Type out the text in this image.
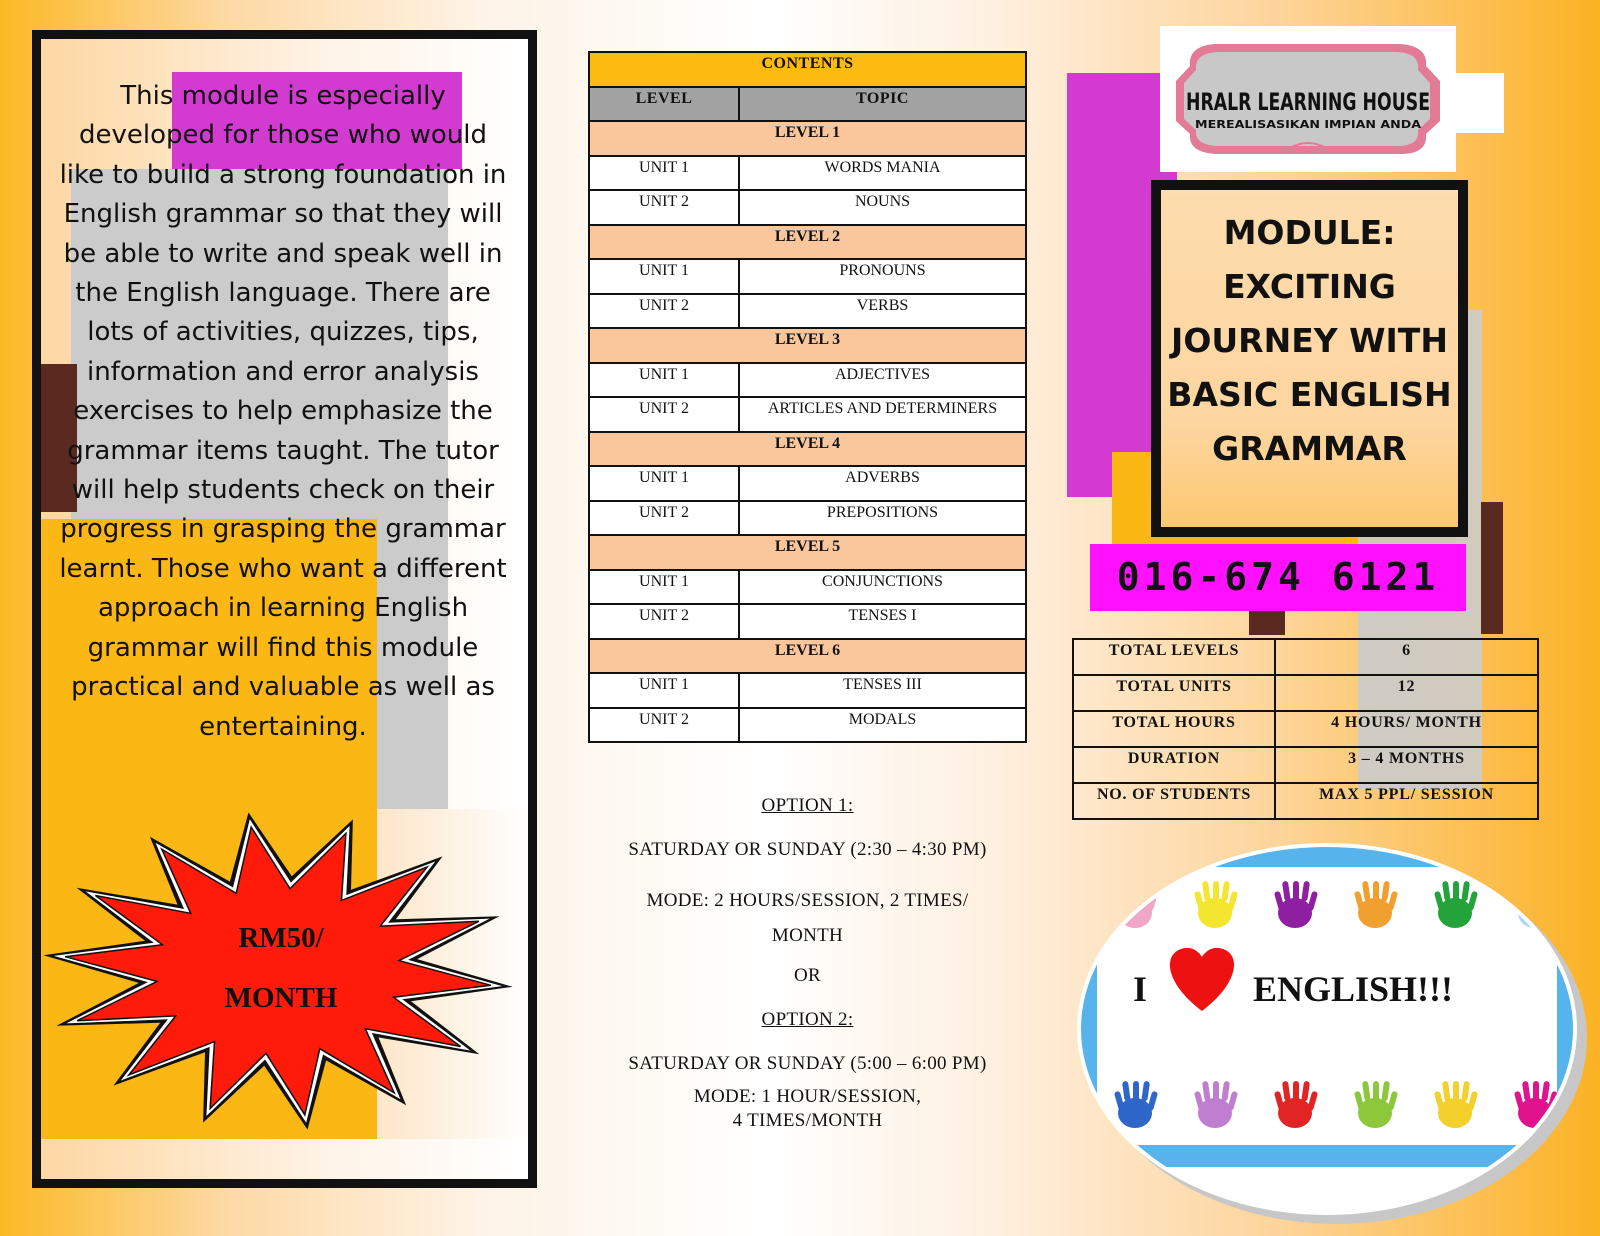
This module is especially developed for those who would like to build a strong foundation in English grammar so that they will be able to write and speak well in the English language. There are lots of activities, quizzes, tips, information and error analysis exercises to help emphasize the grammar items taught. The tutor will help students check on their progress in grasping the grammar learnt. Those who want a different approach in learning English grammar will find this module practical and valuable as well as entertaining.

RM50/
MONTH
CONTENTS	
LEVEL	TOPIC
LEVEL 1	
UNIT 1	WORDS MANIA
UNIT 2	NOUNS
LEVEL 2	
UNIT 1	PRONOUNS
UNIT 2	VERBS
LEVEL 3	
UNIT 1	ADJECTIVES
UNIT 2	ARTICLES AND DETERMINERS
LEVEL 4	
UNIT 1	ADVERBS
UNIT 2	PREPOSITIONS
LEVEL 5	
UNIT 1	CONJUNCTIONS
UNIT 2	TENSES I
LEVEL 6	
UNIT 1	TENSES III
UNIT 2	MODALS

OPTION 1:

SATURDAY OR SUNDAY (2:30 – 4:30 PM)

MODE: 2 HOURS/SESSION, 2 TIMES/
MONTH

OR

OPTION 2:

SATURDAY OR SUNDAY (5:00 – 6:00 PM)

MODE: 1 HOUR/SESSION,
4 TIMES/MONTH

HRALR LEARNING HOUSE
MEREALISASIKAN IMPIAN ANDA

MODULE:
EXCITING
JOURNEY WITH
BASIC ENGLISH
GRAMMAR

016-674 6121
TOTAL LEVELS	6
TOTAL UNITS	12
TOTAL HOURS	4 HOURS/ MONTH
DURATION	3 – 4 MONTHS
NO. OF STUDENTS	MAX 5 PPL/ SESSION
I	ENGLISH!!!
